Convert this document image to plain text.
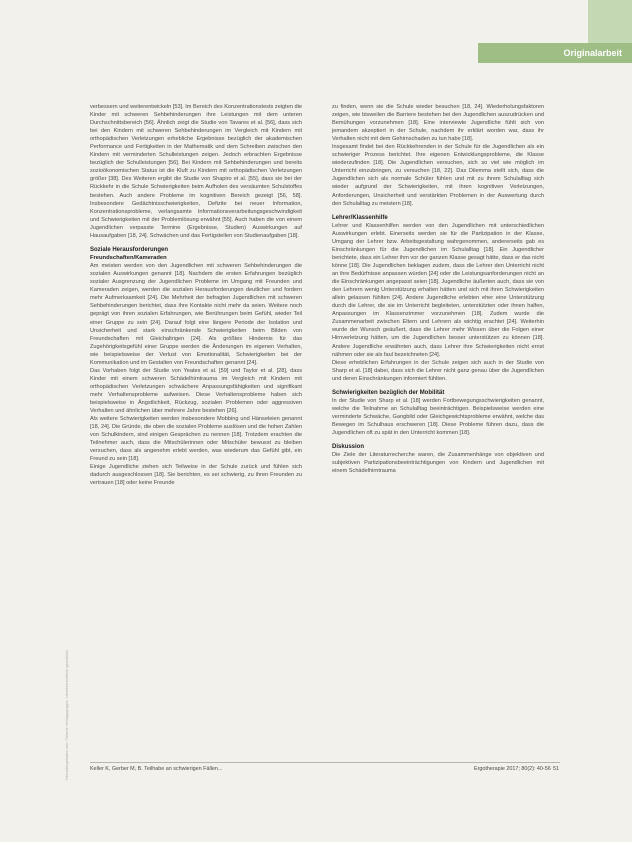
Originalarbeit
Heruntergeladen von: Thieme Verlagsgruppe. Urheberrechtlich geschützt.

verbessern und weiterentwickeln [53]. Im Bereich des Konzentrationstests zeigten die Kinder mit schweren Sehbehinderungen ihre Leistungen mit dem unteren Durchschnittsbereich [56]. Ähnlich zeigt die Studie von Tavares et al. [56], dass sich bei den Kindern mit schweren Sehbehinderungen im Vergleich mit Kindern mit orthopädischen Verletzungen erhebliche Ergebnisse bezüglich der akademischen Performance und Fertigkeiten in der Mathematik und dem Schreiben zwischen den Kindern mit verminderten Schulleistungen zeigen. Jedoch erbrachten Ergebnisse bezüglich der Schulleistungen [56]. Bei Kindern mit Sehbehinderungen und bereits sozioökonomischen Status ist die Kluft zu Kindern mit orthopädischen Verletzungen größer [38]. Des Weiteren ergibt die Studie von Shapiro et al. [55], dass sie bei der Rückkehr in die Schule Schwierigkeiten beim Aufholen des versäumten Schulstoffes bestehen. Auch andere Probleme im kognitiven Bereich gezeigt [56, 58]. Insbesondere Gedächtnisschwierigkeiten, Defizite bei neuer Information, Konzentrationsprobleme, verlangsamte Informationsverarbeitungsgeschwindigkeit und Schwierigkeiten mit der Problemlösung erwähnt [55]. Auch haben die von einem Jugendlichen verpasste Termine (Ergebnisse, Studien) Auswirkungen auf Hausaufgaben [18, 24]. Schwächen und das Fertigstellen von Studienaufgaben [18].

Soziale Herausforderungen
Freundschaften/Kameraden

Am meisten werden von den Jugendlichen mit schweren Sehbehinderungen die sozialen Auswirkungen genannt [18]. Nachdem die ersten Erfahrungen bezüglich sozialer Ausgrenzung der Jugendlichen Probleme im Umgang mit Freunden und Kameraden zeigen, werden die sozialen Herausforderungen deutlicher und fordern mehr Aufmerksamkeit [24]. Die Mehrheit der befragten Jugendlichen mit schweren Sehbehinderungen berichtet, dass ihre Kontakte nicht mehr da seien. Weitere noch geprägt von ihren sozialen Erfahrungen, wie Berührungen beim Gefühl, wieder Teil einer Gruppe zu sein [24]. Darauf folgt eine längere Periode der Isolation und Unsicherheit und stark einschränkende Schwierigkeiten beim Bilden von Freundschaften mit Gleichaltrigen [24]. Als größtes Hindernis für das Zugehörigkeitsgefühl einer Gruppe werden die Änderungen im eigenen Verhalten, wie beispielsweise der Verlust von Emotionalität, Schwierigkeiten bei der Kommunikation und im Gestalten von Freundschaften genannt [24].

Das Vorhaben folgt der Studie von Yeates et al. [59] und Taylor et al. [28], dass Kinder mit einem schweren Schädelhirntrauma im Vergleich mit Kindern mit orthopädischen Verletzungen schwächere Anpassungsfähigkeiten und signifikant mehr Verhaltensprobleme aufweisen. Diese Verhaltensprobleme haben sich beispielsweise in Ängstlichkeit, Rückzug, sozialen Problemen oder aggressiven Verhalten und ähnlichen über mehrere Jahre bestehen [26].

Als weitere Schwierigkeiten werden insbesondere Mobbing und Hänseleien genannt [18, 24]. Die Gründe, die oben die sozialen Probleme auslösen und die hohen Zahlen von Schulkindern, sind einigen Gesprächen zu nennen [18]. Trotzdem erachten die Teilnehmer auch, dass die Mitschülerinnen oder Mitschüler bewusst zu bleiben versuchen, dass als angenehm erlebt werden, was wiederum das Gefühl gibt, ein Freund zu sein [18].

Einige Jugendliche ziehen sich Teilweise in der Schule zurück und fühlen sich dadurch ausgeschlossen [18]. Sie berichten, es sei schwierig, zu ihren Freunden zu vertrauen [18] oder keine Freunde

zu finden, wenn sie die Schule wieder besuchen [18, 24]. Wiederholungsfaktoren zeigen, wie bisweilen die Barriere bestehen bei den Jugendlichen auszudrücken und Bemühungen vorzunehmen [18]. Eine interviewte Jugendliche fühlt sich von jemandem akzeptiert in der Schule, nachdem ihr erklärt worden war, dass ihr Verhalten nicht mit dem Gehirnschaden zu tun habe [18].

Insgesamt findet bei den Rückkehrenden in der Schule für die Jugendlichen als ein schwieriger Prozess berichtet. Ihre eigenen Entwicklungsprobleme, die Klasse wiederzufinden [18]. Die Jugendlichen versuchen, sich so viel wie möglich im Unterricht einzubringen, zu versuchen [18, 22]. Das Dilemma stellt sich, dass die Jugendlichen sich als normale Schüler fühlen und mit zu ihrem Schulalltag sich wieder aufgrund der Schwierigkeiten, mit ihren kognitiven Verletzungen, Anforderungen, Unsicherheit und verstärkten Problemen in der Auswertung durch den Schulalltag zu meistern [18].

Lehrer/Klassenhilfe

Lehrer und Klassenhilfen werden von den Jugendlichen mit unterschiedlichen Auswirkungen erlebt. Einerseits werden sie für die Partizipation in der Klasse, Umgang der Lehrer bzw. Arbeitsgestaltung wahrgenommen, andererseits gab es Einschränkungen für die Jugendlichen im Schulalltag [18]. Ein Jugendlicher berichtete, dass ein Lehrer ihm vor der ganzen Klasse gesagt hätte, dass er das nicht könne [18]. Die Jugendlichen beklagen zudem, dass die Lehrer den Unterricht nicht an ihre Bedürfnisse anpassen würden [24] oder die Leistungsanforderungen nicht an die Einschränkungen angepasst seien [18]. Jugendliche äußerten auch, dass sie von den Lehrern wenig Unterstützung erhalten hätten und sich mit ihren Schwierigkeiten allein gelassen fühlten [24]. Andere Jugendliche erlebten eher eine Unterstützung durch die Lehrer, die sie im Unterricht begleiteten, unterstützten oder ihnen halfen, Anpassungen im Klassenzimmer vorzunehmen [18]. Zudem wurde die Zusammenarbeit zwischen Eltern und Lehrern als wichtig erachtet [24]. Weiterhin wurde der Wunsch geäußert, dass die Lehrer mehr Wissen über die Folgen einer Hirnverletzung hätten, um die Jugendlichen besser unterstützen zu können [18]. Andere Jugendliche erwähnten auch, dass Lehrer ihre Schwierigkeiten nicht ernst nähmen oder sie als faul bezeichneten [24].

Diese erheblichen Erfahrungen in der Schule zeigen sich auch in der Studie von Sharp et al. [18] dabei, dass sich die Lehrer nicht ganz genau über die Jugendlichen und deren Einschränkungen informiert fühlten.

Schwierigkeiten bezüglich der Mobilität

In der Studie von Sharp et al. [18] werden Fortbewegungsschwierigkeiten genannt, welche die Teilnahme an Schulalltag beeinträchtigen. Beispielsweise werden eine verminderte Schwäche, Gangbild oder Gleichgewichtsprobleme erwähnt, welche das Bewegen im Schulhaus erschweren [18]. Diese Probleme führen dazu, dass die Jugendlichen oft zu spät in den Unterricht kommen [18].

Diskussion

Die Ziele der Literaturrecherche waren, die Zusammenhänge von objektiven und subjektiven Partizipationsbeeinträchtigungen von Kindern und Jugendlichen mit einem Schädelhirntrauma

Keller K, Gerber M, B. Teilhabe an schwierigen Fällen...	Ergotherapie 2017; 80(2): 40-56 51
